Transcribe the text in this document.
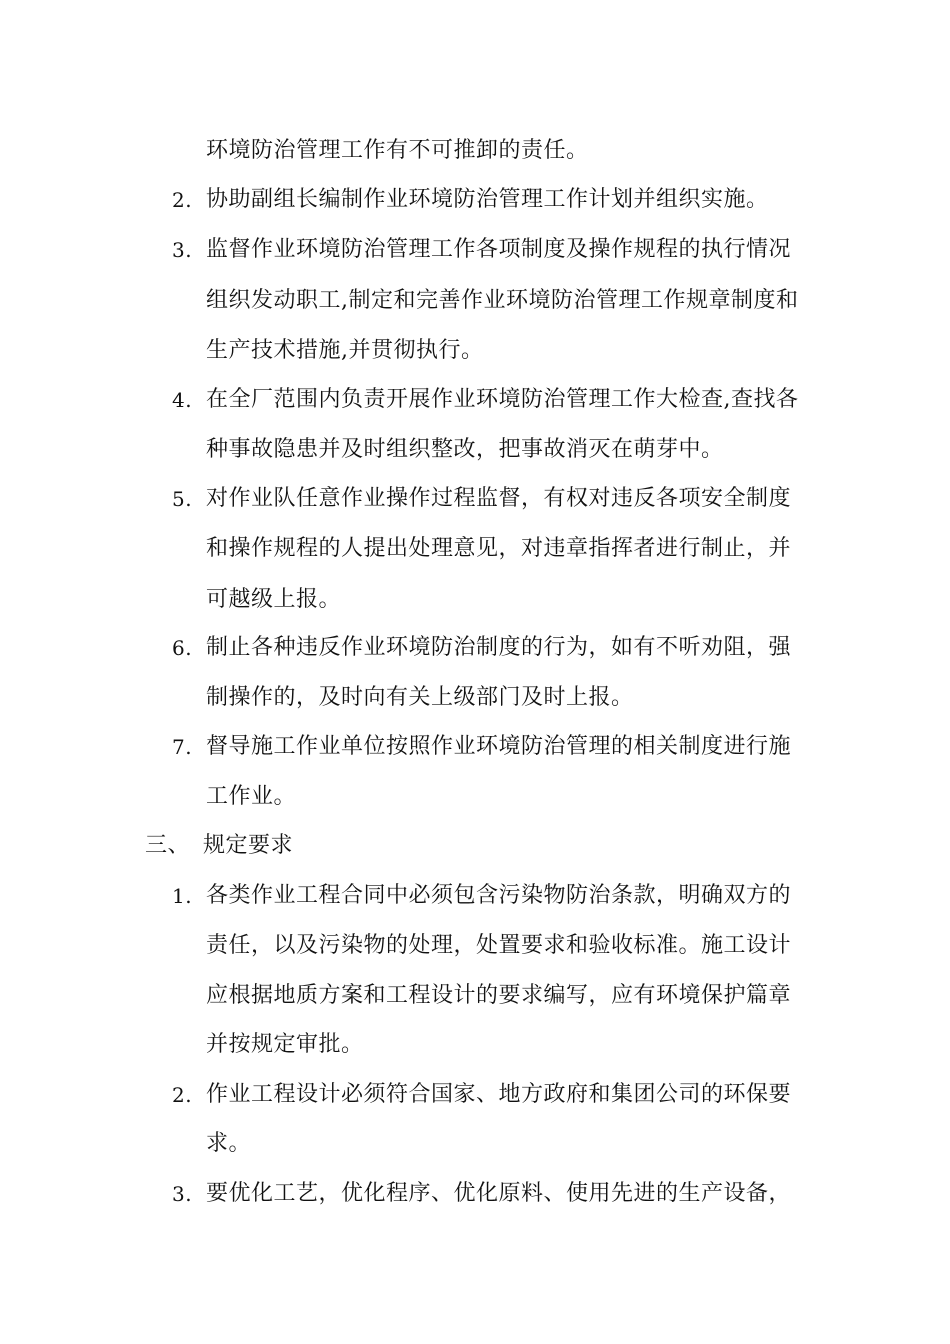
环境防治管理工作有不可推卸的责任。
2. 协助副组长编制作业环境防治管理工作计划并组织实施。
3. 监督作业环境防治管理工作各项制度及操作规程的执行情况
组织发动职工,制定和完善作业环境防治管理工作规章制度和
生产技术措施,并贯彻执行。
4. 在全厂范围内负责开展作业环境防治管理工作大检查,查找各
种事故隐患并及时组织整改，把事故消灭在萌芽中。
5. 对作业队任意作业操作过程监督，有权对违反各项安全制度
和操作规程的人提出处理意见，对违章指挥者进行制止，并
可越级上报。
6. 制止各种违反作业环境防治制度的行为，如有不听劝阻，强
制操作的，及时向有关上级部门及时上报。
7. 督导施工作业单位按照作业环境防治管理的相关制度进行施
工作业。
三、 规定要求
1. 各类作业工程合同中必须包含污染物防治条款，明确双方的
责任，以及污染物的处理，处置要求和验收标准。施工设计
应根据地质方案和工程设计的要求编写，应有环境保护篇章
并按规定审批。
2. 作业工程设计必须符合国家、地方政府和集团公司的环保要
求。
3. 要优化工艺，优化程序、优化原料、使用先进的生产设备，
